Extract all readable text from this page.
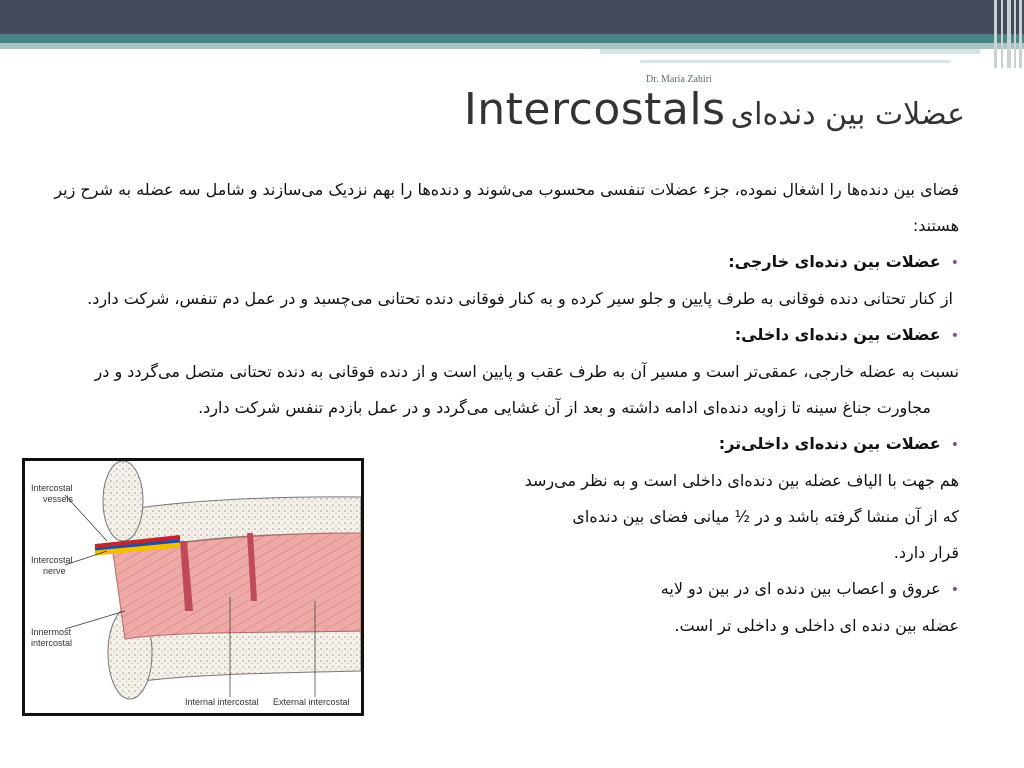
Dr. Maria Zahiri
Intercostals عضلات بین دنده‌ای

فضای بین دنده‌ها را اشغال نموده، جزء عضلات تنفسی محسوب می‌شوند و دنده‌ها را بهم نزدیک می‌سازند و شامل سه عضله به شرح زیر هستند:

•عضلات بین دنده‌ای خارجی:

از کنار تحتانی دنده فوقانی به طرف پایین و جلو سیر کرده و به کنار فوقانی دنده تحتانی می‌چسبد و در عمل دم تنفس، شرکت دارد.

•عضلات بین دنده‌ای داخلی:

نسبت به عضله خارجی، عمقی‌تر است و مسیر آن به طرف عقب و پایین است و از دنده فوقانی به دنده تحتانی متصل می‌گردد و در مجاورت جناغ سینه تا زاویه دنده‌ای ادامه داشته و بعد از آن غشایی می‌گردد و در عمل بازدم تنفس شرکت دارد.

•عضلات بین دنده‌ای داخلی‌تر:

هم جهت با الیاف عضله بین دنده‌ای داخلی است و به نظر می‌رسد
که از آن منشا گرفته باشد و در ½ میانی فضای بین دنده‌ای
قرار دارد.

•عروق و اعصاب بین دنده ای در بین دو لایه

عضله بین دنده ای داخلی و داخلی تر است.
Intercostal
vessels
Intercostal
nerve
Innermost
intercostal
Internal intercostal External intercostal
